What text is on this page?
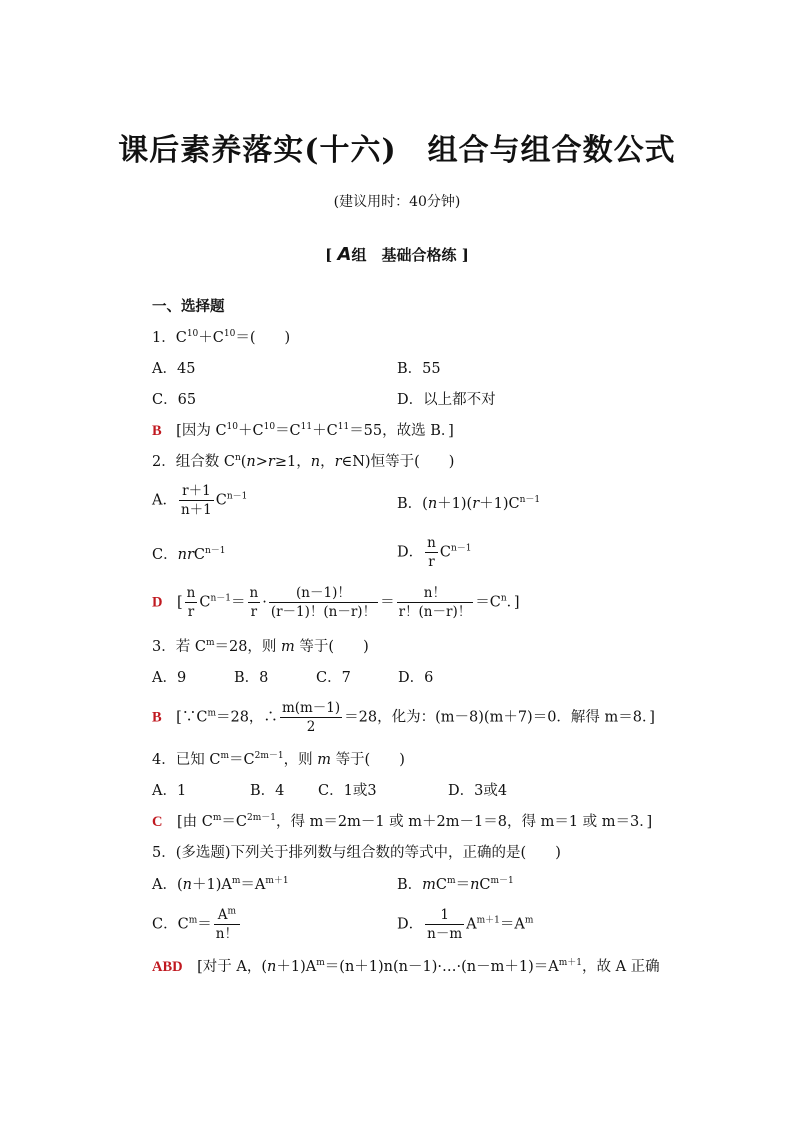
课后素养落实(十六)　组合与组合数公式
(建议用时：40分钟)
[ A组　基础合格练 ]
一、选择题
1．$C^{10}+C^{10}=$(　　)
A．45	B．55
C．65	D．以上都不对
B　 [因为 $C^{10}+C^{10}=C^{11}+C^{11}=55$，故选 B．]
2．组合数 $C^n(n>r\ge 1$，n，r∈N)恒等于(　　)
A． $\frac{r+1}{n+1} C^{n-1}$	B．$(n+1)(r+1)C^{n-1}$
C．nrC$^{n-1}$	D． $\frac{n}{r} C^{n-1}$
D　 [ $\frac{n}{r} C^{n-1}= \frac{n}{r} \cdot \frac{(n-1)!}{(r-1)!(n-r)!} = \frac{n!}{r!(n-r)!} =C^n$．]
3．若 $C^m=28$，则 m 等于(　　)
A．9	B．8	C．7	D．6
B　 [$\because C^m=28$，∴ $\frac{m(m-1)}{2} =28$，化为：(m－8)(m＋7)＝0．解得 m＝8．]
4．已知 $C^m=C^{2m-1}$，则 m 等于(　　)
A．1	B．4 C．1或3	D．3或4
C　 [由 $C^m=C^{2m-1}$，得 m＝2m－1 或 m＋2m－1＝8，得 m＝1 或 m＝3．]
5．(多选题)下列关于排列数与组合数的等式中，正确的是(　　)
A．$(n+1)A^m=A^{m+1}$	B．$mC^m=nC^{m-1}$
C．$C^m= \frac{A^m}{n!}$	D． $\frac{1}{n-m} A^{m+1}=A^m$
ABD　 [对于 A，$(n+1)A^m=(n+1)n(n-1)\cdot\dots\cdot(n-m+1)=A^{m+1}$，故 A 正确
